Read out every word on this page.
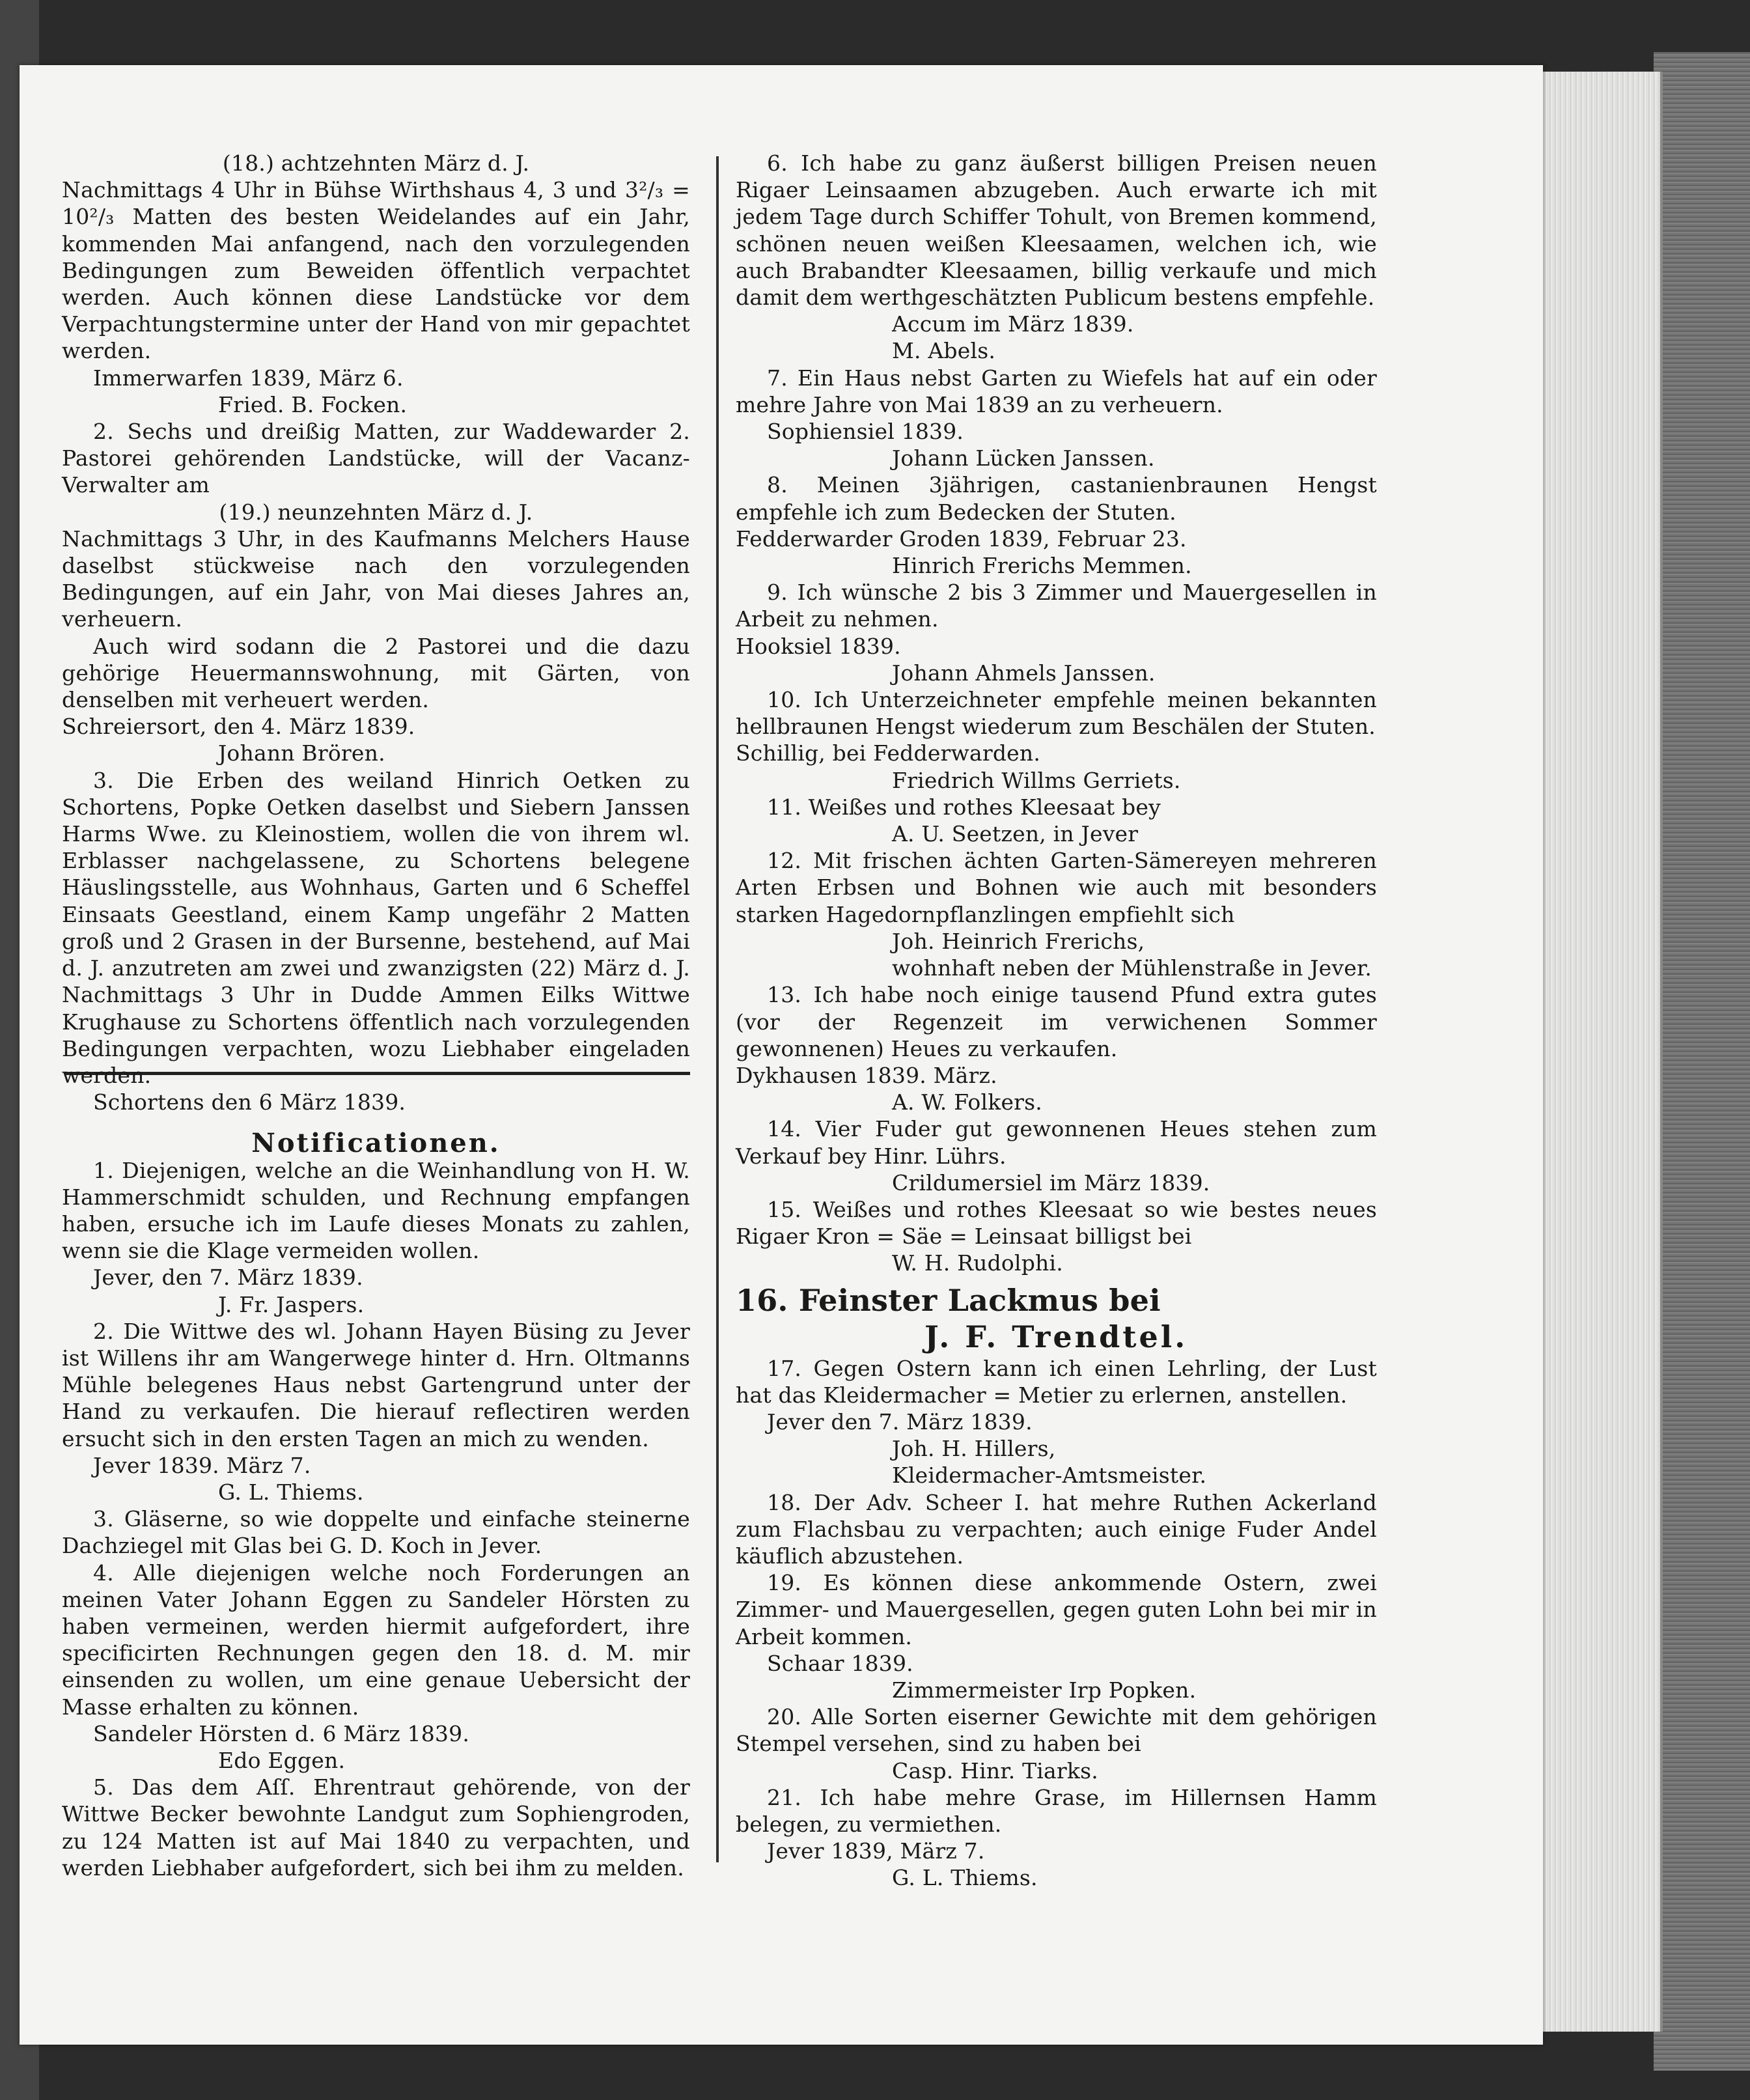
(18.) achtzehnten März d. J.

Nachmittags 4 Uhr in Bühse Wirthshaus 4, 3 und 3²/₃ = 10²/₃ Matten des besten Weidelandes auf ein Jahr, kommenden Mai anfangend, nach den vorzulegenden Bedingungen zum Beweiden öffentlich verpachtet werden. Auch können diese Landstücke vor dem Verpachtungstermine unter der Hand von mir gepachtet werden.

Immerwarfen 1839, März 6.

Fried. B. Focken.

2. Sechs und dreißig Matten, zur Waddewarder 2. Pastorei gehörenden Landstücke, will der Vacanz-Verwalter am

(19.) neunzehnten März d. J.

Nachmittags 3 Uhr, in des Kaufmanns Melchers Hause daselbst stückweise nach den vorzulegenden Bedingungen, auf ein Jahr, von Mai dieses Jahres an, verheuern.

Auch wird sodann die 2 Pastorei und die dazu gehörige Heuermannswohnung, mit Gärten, von denselben mit verheuert werden.

Schreiersort, den 4. März 1839.

Johann Brören.

3. Die Erben des weiland Hinrich Oetken zu Schortens, Popke Oetken daselbst und Siebern Janssen Harms Wwe. zu Kleinostiem, wollen die von ihrem wl. Erblasser nachgelassene, zu Schortens belegene Häuslingsstelle, aus Wohnhaus, Garten und 6 Scheffel Einsaats Geestland, einem Kamp ungefähr 2 Matten groß und 2 Grasen in der Bursenne, bestehend, auf Mai d. J. anzutreten am zwei und zwanzigsten (22) März d. J. Nachmittags 3 Uhr in Dudde Ammen Eilks Wittwe Krughause zu Schortens öffentlich nach vorzulegenden Bedingungen verpachten, wozu Liebhaber eingeladen werden.

Schortens den 6 März 1839.

Notificationen.

1. Diejenigen, welche an die Weinhandlung von H. W. Hammerschmidt schulden, und Rechnung empfangen haben, ersuche ich im Laufe dieses Monats zu zahlen, wenn sie die Klage vermeiden wollen.

Jever, den 7. März 1839.

J. Fr. Jaspers.

2. Die Wittwe des wl. Johann Hayen Büsing zu Jever ist Willens ihr am Wangerwege hinter d. Hrn. Oltmanns Mühle belegenes Haus nebst Gartengrund unter der Hand zu verkaufen. Die hierauf reflectiren werden ersucht sich in den ersten Tagen an mich zu wenden.

Jever 1839. März 7.

G. L. Thiems.

3. Gläserne, so wie doppelte und einfache steinerne Dachziegel mit Glas bei G. D. Koch in Jever.

4. Alle diejenigen welche noch Forderungen an meinen Vater Johann Eggen zu Sandeler Hörsten zu haben vermeinen, werden hiermit aufgefordert, ihre specificirten Rechnungen gegen den 18. d. M. mir einsenden zu wollen, um eine genaue Uebersicht der Masse erhalten zu können.

Sandeler Hörsten d. 6 März 1839.

Edo Eggen.

5. Das dem Aſſ. Ehrentraut gehörende, von der Wittwe Becker bewohnte Landgut zum Sophiengroden, zu 124 Matten ist auf Mai 1840 zu verpachten, und werden Liebhaber aufgefordert, sich bei ihm zu melden.

6. Ich habe zu ganz äußerst billigen Preisen neuen Rigaer Leinsaamen abzugeben. Auch erwarte ich mit jedem Tage durch Schiffer Tohult, von Bremen kommend, schönen neuen weißen Kleesaamen, welchen ich, wie auch Brabandter Kleesaamen, billig verkaufe und mich damit dem werthgeschätzten Publicum bestens empfehle.

Accum im März 1839.

M. Abels.

7. Ein Haus nebst Garten zu Wiefels hat auf ein oder mehre Jahre von Mai 1839 an zu verheuern.

Sophiensiel 1839.

Johann Lücken Janssen.

8. Meinen 3jährigen, castanienbraunen Hengst empfehle ich zum Bedecken der Stuten.

Fedderwarder Groden 1839, Februar 23.

Hinrich Frerichs Memmen.

9. Ich wünsche 2 bis 3 Zimmer und Mauergesellen in Arbeit zu nehmen.

Hooksiel 1839.

Johann Ahmels Janssen.

10. Ich Unterzeichneter empfehle meinen bekannten hellbraunen Hengst wiederum zum Beschälen der Stuten.

Schillig, bei Fedderwarden.

Friedrich Willms Gerriets.

11. Weißes und rothes Kleesaat bey

A. U. Seetzen, in Jever

12. Mit frischen ächten Garten-Sämereyen mehreren Arten Erbsen und Bohnen wie auch mit besonders starken Hagedornpflanzlingen empfiehlt sich

Joh. Heinrich Frerichs,

wohnhaft neben der Mühlenstraße in Jever.

13. Ich habe noch einige tausend Pfund extra gutes (vor der Regenzeit im verwichenen Sommer gewonnenen) Heues zu verkaufen.

Dykhausen 1839. März.

A. W. Folkers.

14. Vier Fuder gut gewonnenen Heues stehen zum Verkauf bey Hinr. Lührs.

Crildumersiel im März 1839.

15. Weißes und rothes Kleesaat so wie bestes neues Rigaer Kron = Säe = Leinsaat billigst bei

W. H. Rudolphi.

16. Feinster Lackmus bei

J. F. Trendtel.

17. Gegen Ostern kann ich einen Lehrling, der Lust hat das Kleidermacher = Metier zu erlernen, anstellen.

Jever den 7. März 1839.

Joh. H. Hillers,

Kleidermacher-Amtsmeister.

18. Der Adv. Scheer I. hat mehre Ruthen Ackerland zum Flachsbau zu verpachten; auch einige Fuder Andel käuflich abzustehen.

19. Es können diese ankommende Ostern, zwei Zimmer- und Mauergesellen, gegen guten Lohn bei mir in Arbeit kommen.

Schaar 1839.

Zimmermeister Irp Popken.

20. Alle Sorten eiserner Gewichte mit dem gehörigen Stempel versehen, sind zu haben bei

Casp. Hinr. Tiarks.

21. Ich habe mehre Grase, im Hillernsen Hamm belegen, zu vermiethen.

Jever 1839, März 7.

G. L. Thiems.
